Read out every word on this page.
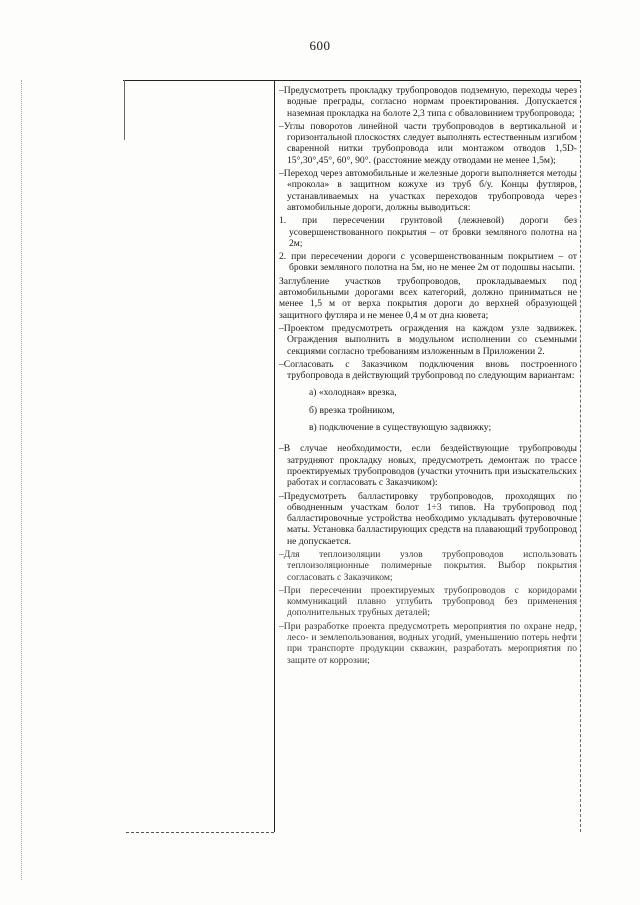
600

–Предусмотреть прокладку трубопроводов подземную, переходы через водные преграды, согласно нормам проектирования. Допускается наземная прокладка на болоте 2,3 типа с обваловинием трубопровода;

–Углы поворотов линейной части трубопроводов в вертикальной и горизонтальной плоскостях следует выполнять естественным изгибом сваренной нитки трубопровода или монтажом отводов 1,5D-15°,30°,45°, 60°, 90°. (расстояние между отводами не менее 1,5м);

–Переход через автомобильные и железные дороги выполняется методы «прокола» в защитном кожухе из труб б/у. Концы футляров, устанавливаемых на участках переходов трубопровода через автомобильные дороги, должны выводиться:

1. при пересечении грунтовой (лежневой) дороги без усовершенствованного покрытия – от бровки земляного полотна на 2м;

2. при пересечении дороги с усовершенствованным покрытием – от бровки земляного полотна на 5м, но не менее 2м от подошвы насыпи.

Заглубление участков трубопроводов, прокладываемых под автомобильными дорогами всех категорий, должно приниматься не менее 1,5 м от верха покрытия дороги до верхней образующей защитного футляра и не менее 0,4 м от дна кювета;

–Проектом предусмотреть ограждения на каждом узле задвижек. Ограждения выполнить в модульном исполнении со съемными секциями согласно требованиям изложенным в Приложении 2.

–Согласовать с Заказчиком подключения вновь построенного трубопровода в действующий трубопровод по следующим вариантам:

а) «холодная» врезка,

б) врезка тройником,

в) подключение в существующую задвижку;

–В случае необходимости, если бездействующие трубопроводы затрудняют прокладку новых, предусмотреть демонтаж по трассе проектируемых трубопроводов (участки уточнить при изыскательских работах и согласовать с Заказчиком):

–Предусмотреть балластировку трубопроводов, проходящих по обводненным участкам болот 1÷3 типов. На трубопровод под балластировочные устройства необходимо укладывать футеровочные маты. Установка балластирующих средств на плавающий трубопровод не допускается.

–Для теплоизоляции узлов трубопроводов использовать теплоизоляционные полимерные покрытия. Выбор покрытия согласовать с Заказчиком;

–При пересечении проектируемых трубопроводов с коридорами коммуникаций плавно углубить трубопровод без применения дополнительных трубных деталей;

–При разработке проекта предусмотреть мероприятия по охране недр, лесо- и землепользования, водных угодий, уменьшению потерь нефти при транспорте продукции скважин, разработать мероприятия по защите от коррозии;
